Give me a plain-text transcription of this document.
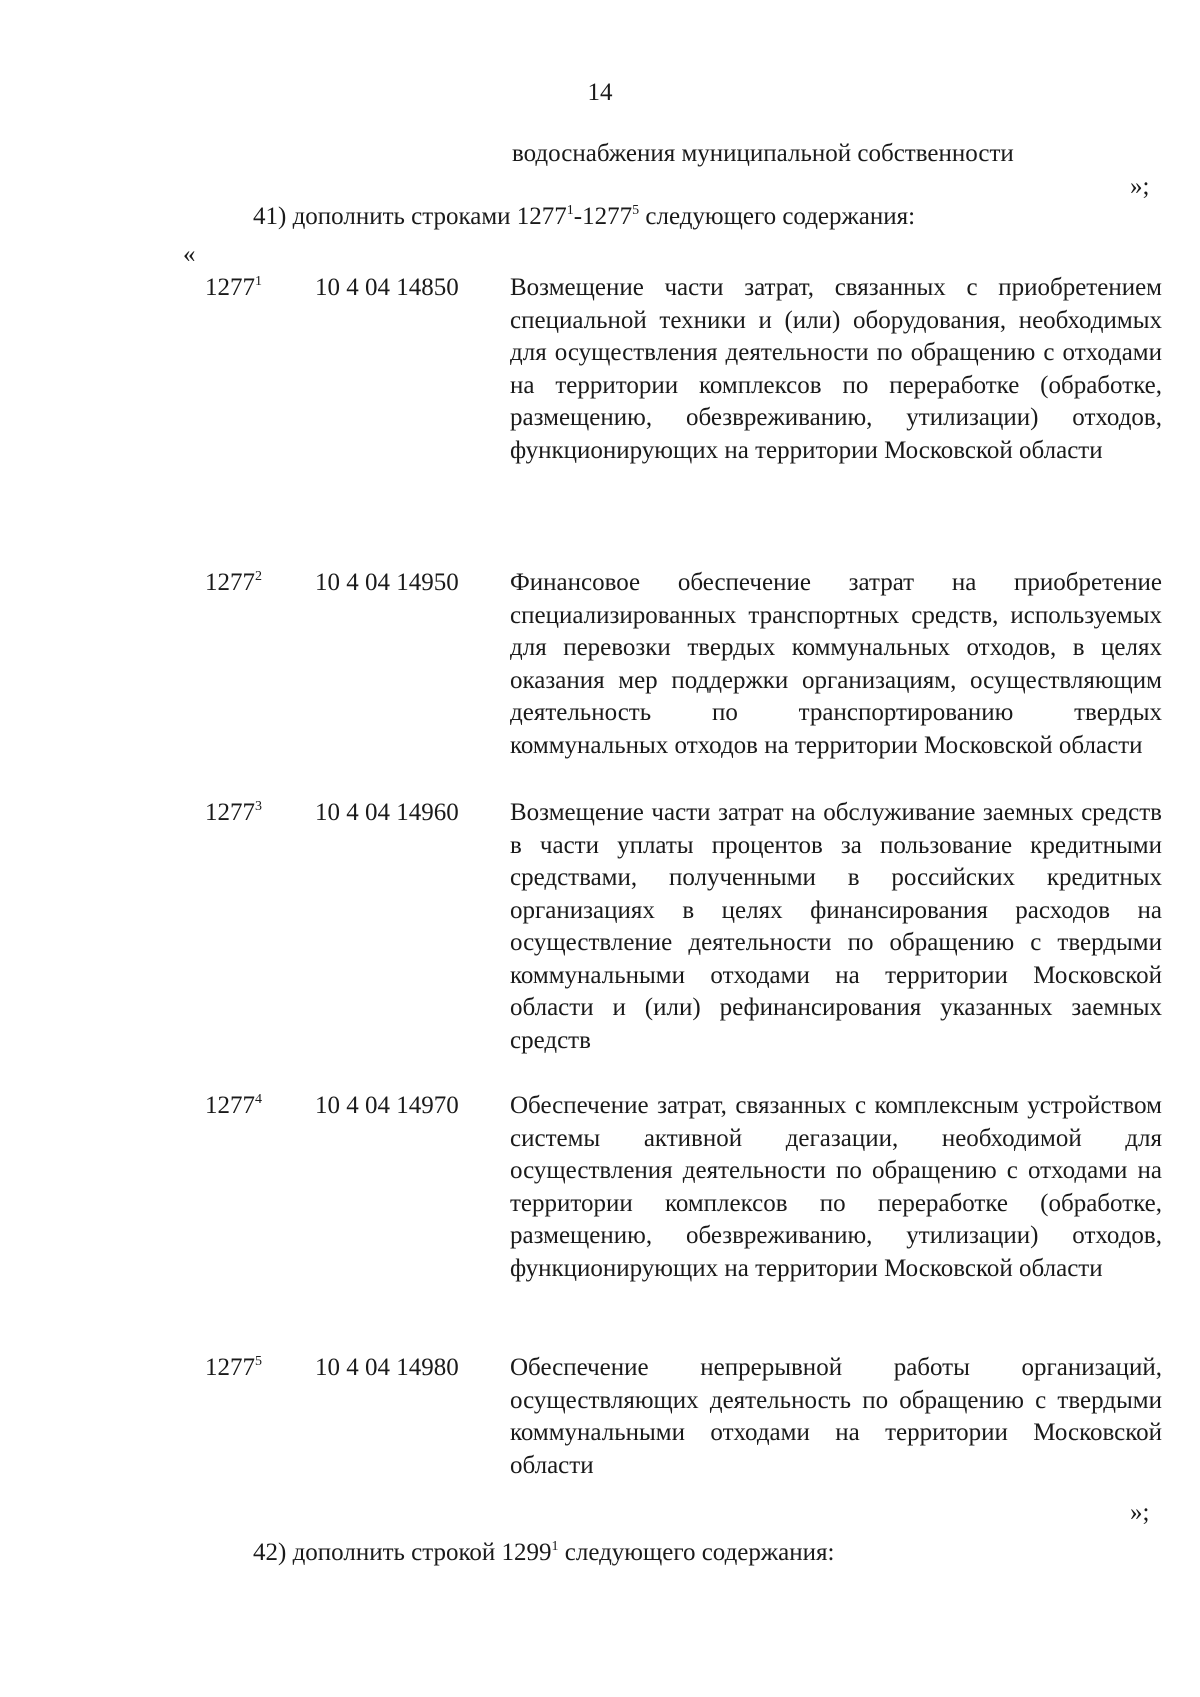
14
водоснабжения муниципальной собственности
»;
41) дополнить строками 1277$^1$-1277$^5$ следующего содержания:
«
1277$^1$ 10 4 04 14850 Возмещение части затрат, связанных с приобретением специальной техники и (или) оборудования, необходимых для осуществления деятельности по обращению с отходами на территории комплексов по переработке (обработке, размещению, обезвреживанию, утилизации) отходов, функционирующих на территории Московской области
1277$^2$ 10 4 04 14950 Финансовое обеспечение затрат на приобретение специализированных транспортных средств, используемых для перевозки твердых коммунальных отходов, в целях оказания мер поддержки организациям, осуществляющим деятельность по транспортированию твердых коммунальных отходов на территории Московской области
1277$^3$ 10 4 04 14960 Возмещение части затрат на обслуживание заемных средств в части уплаты процентов за пользование кредитными средствами, полученными в российских кредитных организациях в целях финансирования расходов на осуществление деятельности по обращению с твердыми коммунальными отходами на территории Московской области и (или) рефинансирования указанных заемных средств
1277$^4$ 10 4 04 14970 Обеспечение затрат, связанных с комплексным устройством системы активной дегазации, необходимой для осуществления деятельности по обращению с отходами на территории комплексов по переработке (обработке, размещению, обезвреживанию, утилизации) отходов, функционирующих на территории Московской области
1277$^5$ 10 4 04 14980 Обеспечение непрерывной работы организаций, осуществляющих деятельность по обращению с твердыми коммунальными отходами на территории Московской области
»;
42) дополнить строкой 1299$^1$ следующего содержания:
